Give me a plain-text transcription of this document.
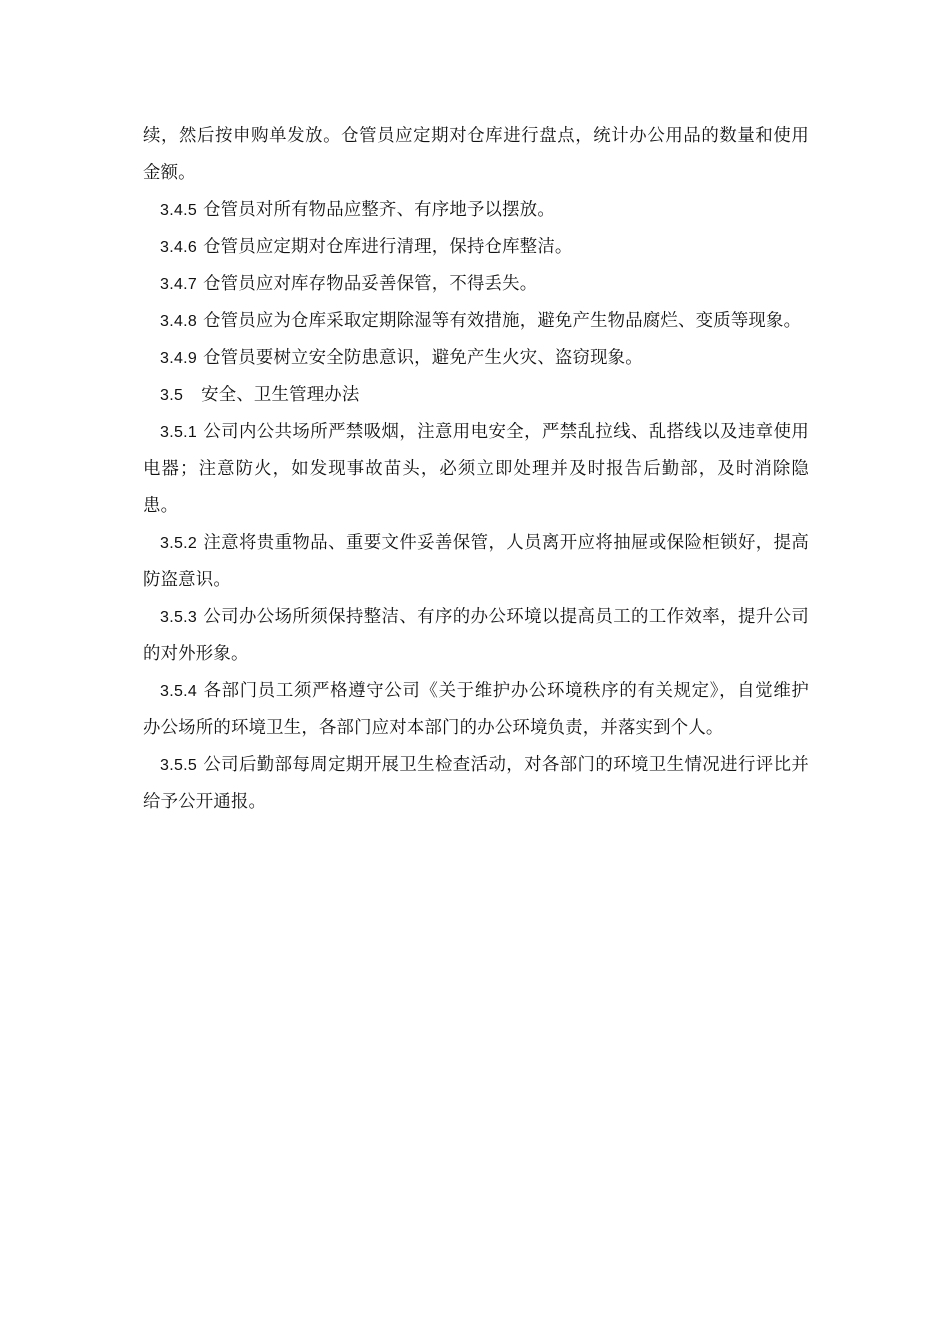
续，然后按申购单发放。仓管员应定期对仓库进行盘点，统计办公用品的数量和使用金额。

3.4.5 仓管员对所有物品应整齐、有序地予以摆放。

3.4.6 仓管员应定期对仓库进行清理，保持仓库整洁。

3.4.7 仓管员应对库存物品妥善保管，不得丢失。

3.4.8 仓管员应为仓库采取定期除湿等有效措施，避免产生物品腐烂、变质等现象。

3.4.9 仓管员要树立安全防患意识，避免产生火灾、盗窃现象。

3.5 安全、卫生管理办法

3.5.1 公司内公共场所严禁吸烟，注意用电安全，严禁乱拉线、乱搭线以及违章使用电器；注意防火，如发现事故苗头，必须立即处理并及时报告后勤部，及时消除隐患。

3.5.2 注意将贵重物品、重要文件妥善保管，人员离开应将抽屉或保险柜锁好，提高防盗意识。

3.5.3 公司办公场所须保持整洁、有序的办公环境以提高员工的工作效率，提升公司的对外形象。

3.5.4 各部门员工须严格遵守公司《关于维护办公环境秩序的有关规定》，自觉维护办公场所的环境卫生，各部门应对本部门的办公环境负责，并落实到个人。

3.5.5 公司后勤部每周定期开展卫生检查活动，对各部门的环境卫生情况进行评比并给予公开通报。
